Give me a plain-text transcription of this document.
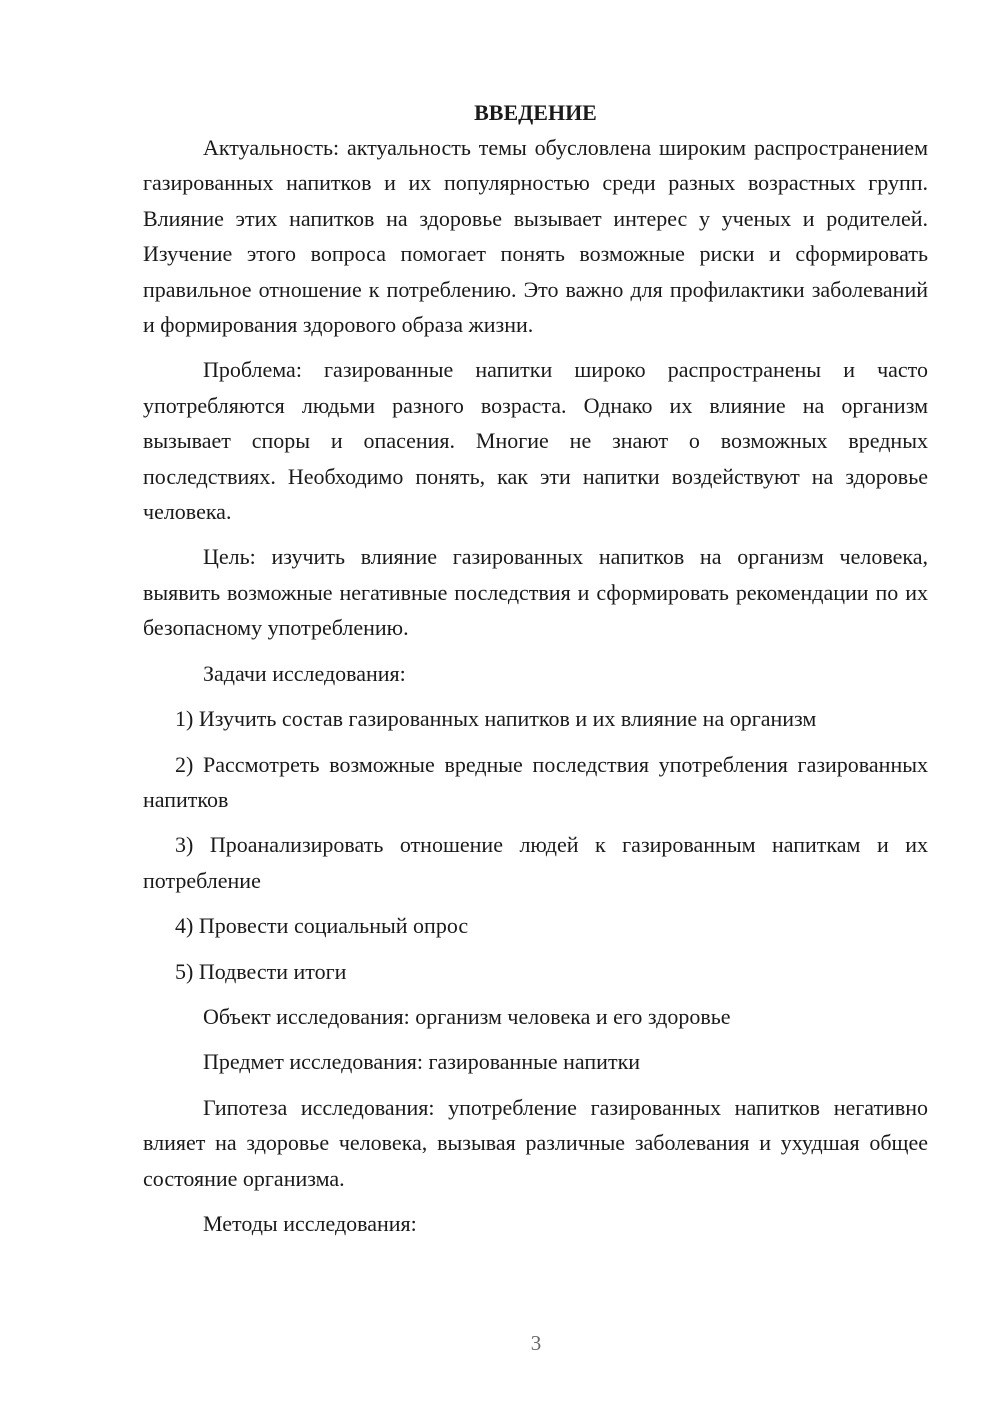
ВВЕДЕНИЕ

Актуальность: актуальность темы обусловлена широким распространением газированных напитков и их популярностью среди разных возрастных групп. Влияние этих напитков на здоровье вызывает интерес у ученых и родителей. Изучение этого вопроса помогает понять возможные риски и сформировать правильное отношение к потреблению. Это важно для профилактики заболеваний и формирования здорового образа жизни.

Проблема: газированные напитки широко распространены и часто употребляются людьми разного возраста. Однако их влияние на организм вызывает споры и опасения. Многие не знают о возможных вредных последствиях. Необходимо понять, как эти напитки воздействуют на здоровье человека.

Цель: изучить влияние газированных напитков на организм человека, выявить возможные негативные последствия и сформировать рекомендации по их безопасному употреблению.

Задачи исследования:

1) Изучить состав газированных напитков и их влияние на организм

2) Рассмотреть возможные вредные последствия употребления газированных напитков

3) Проанализировать отношение людей к газированным напиткам и их потребление

4) Провести социальный опрос

5) Подвести итоги

Объект исследования: организм человека и его здоровье

Предмет исследования: газированные напитки

Гипотеза исследования: употребление газированных напитков негативно влияет на здоровье человека, вызывая различные заболевания и ухудшая общее состояние организма.

Методы исследования:

3
